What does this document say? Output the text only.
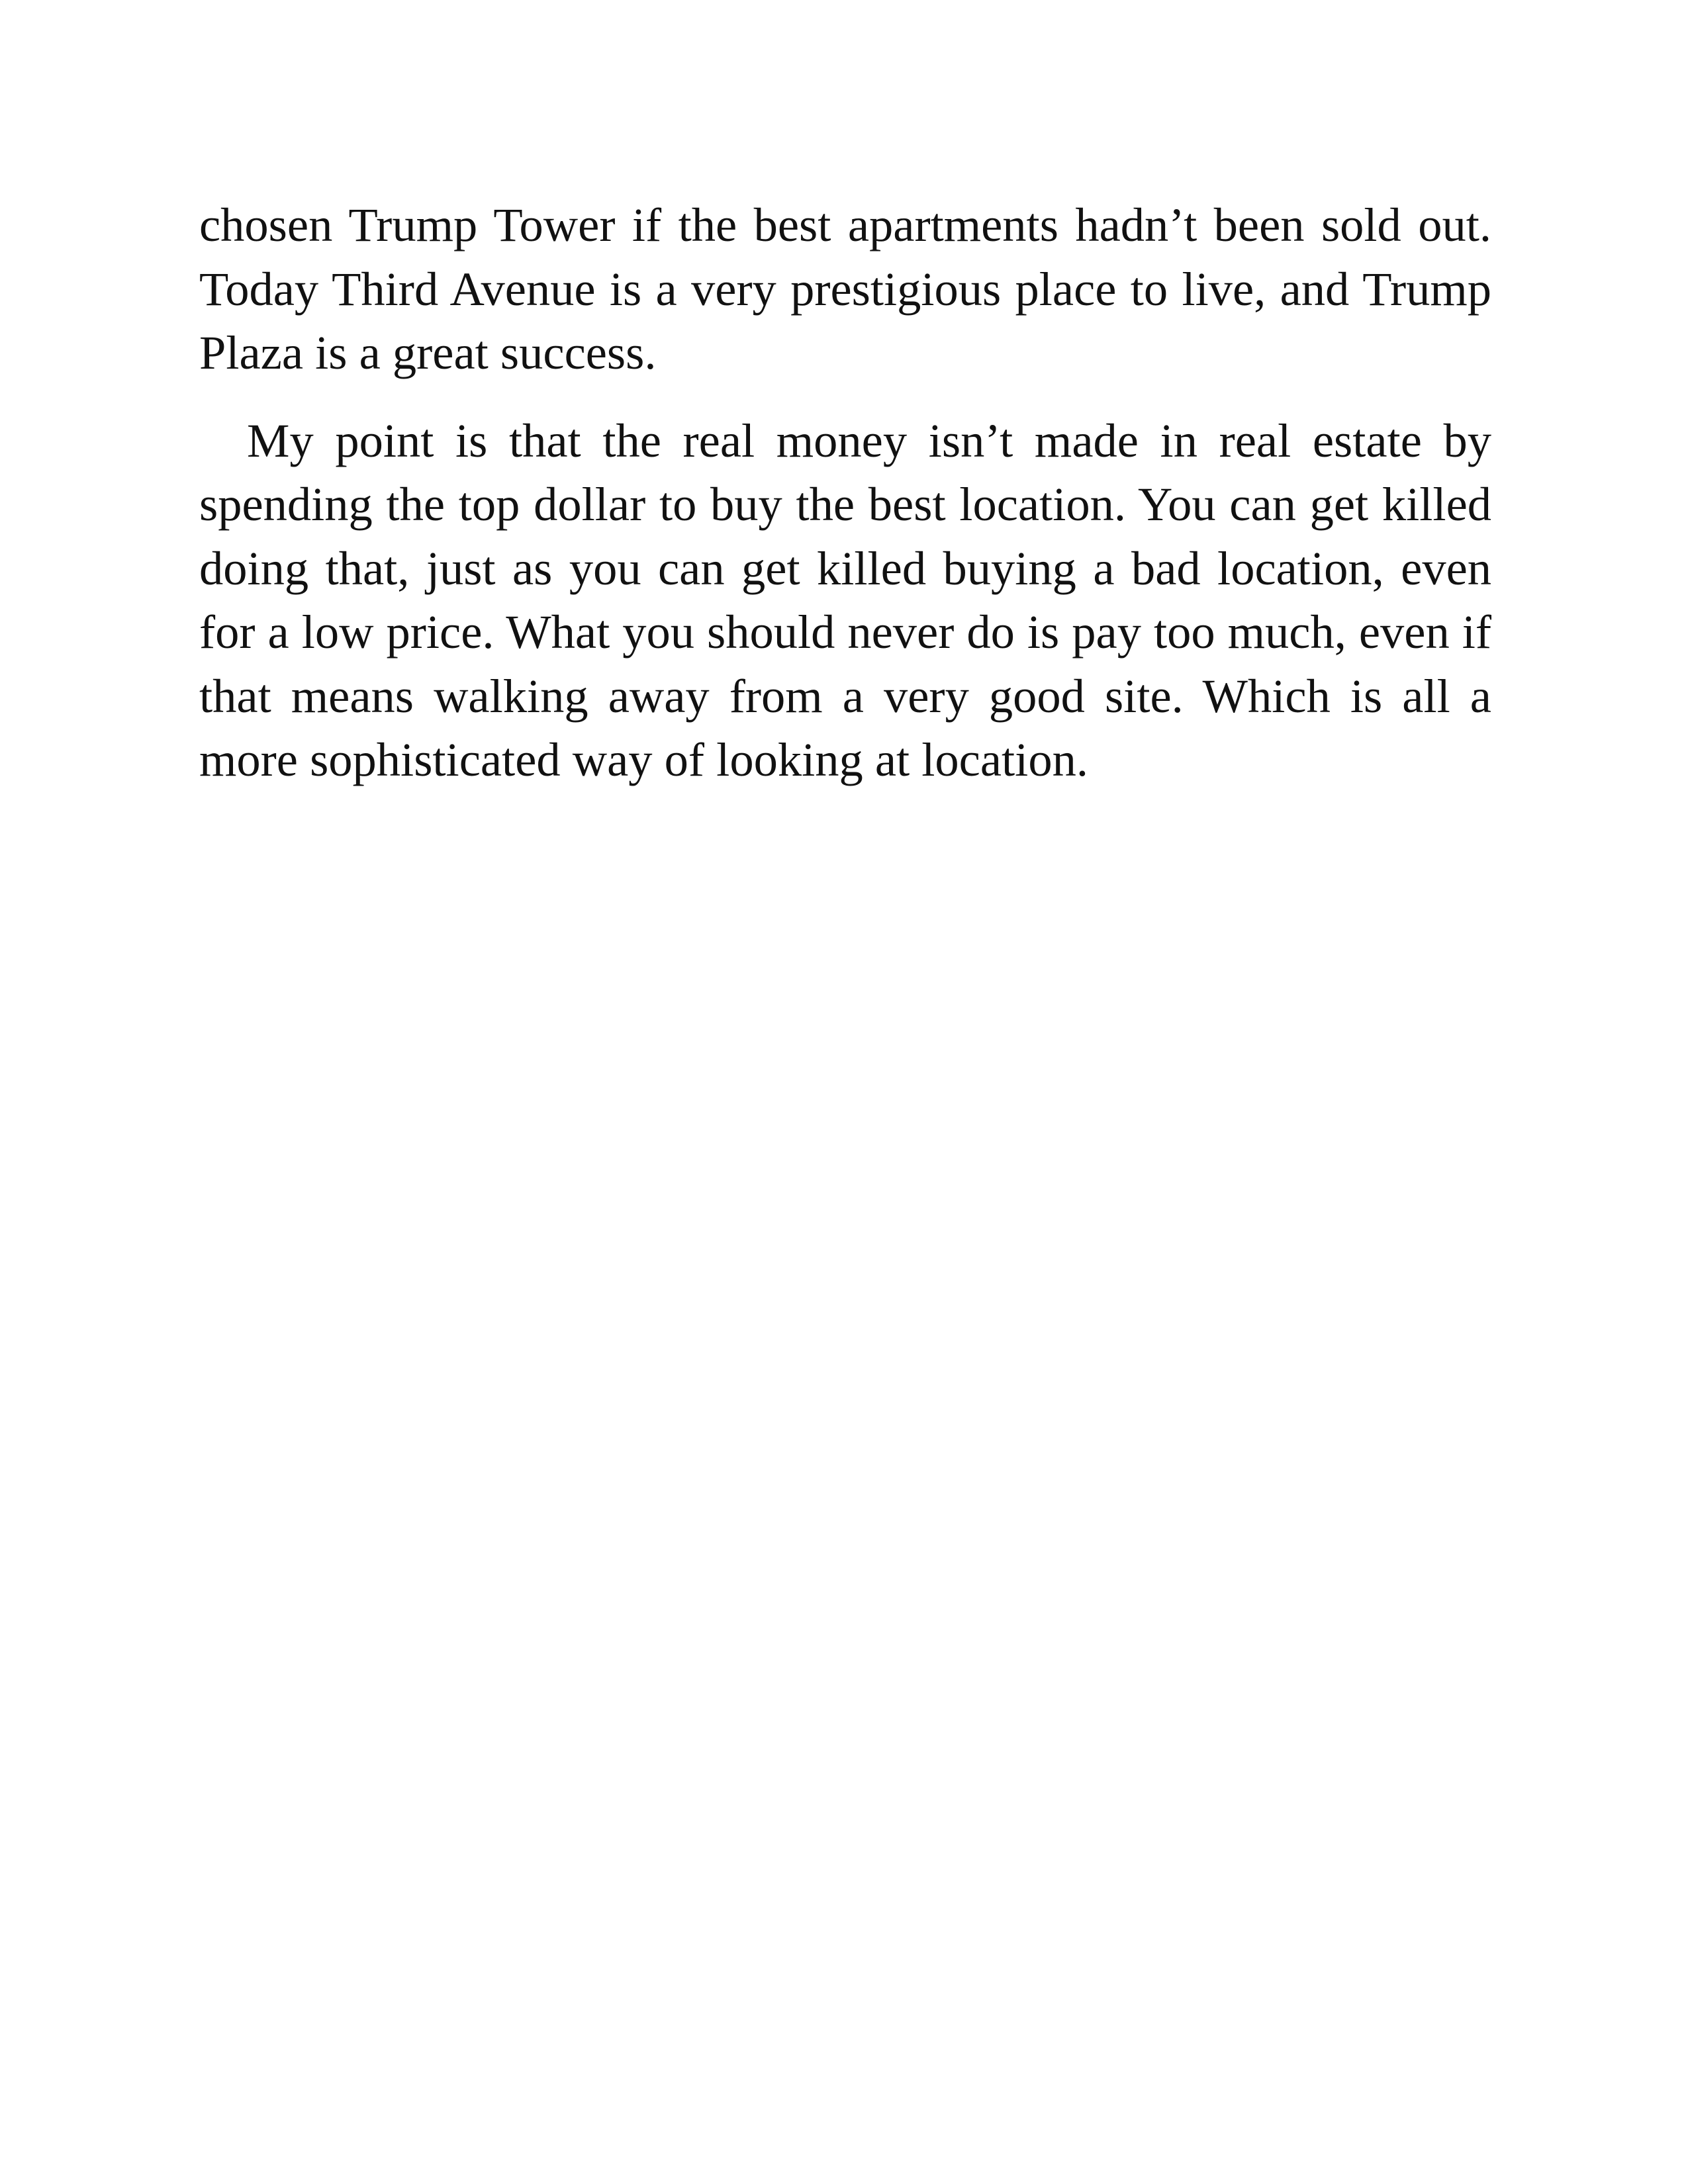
chosen Trump Tower if the best apartments hadn’t been sold out. Today Third Avenue is a very prestigious place to live, and Trump Plaza is a great success.

My point is that the real money isn’t made in real estate by spending the top dollar to buy the best location. You can get killed doing that, just as you can get killed buying a bad location, even for a low price. What you should never do is pay too much, even if that means walking away from a very good site. Which is all a more sophisticated way of looking at location.
